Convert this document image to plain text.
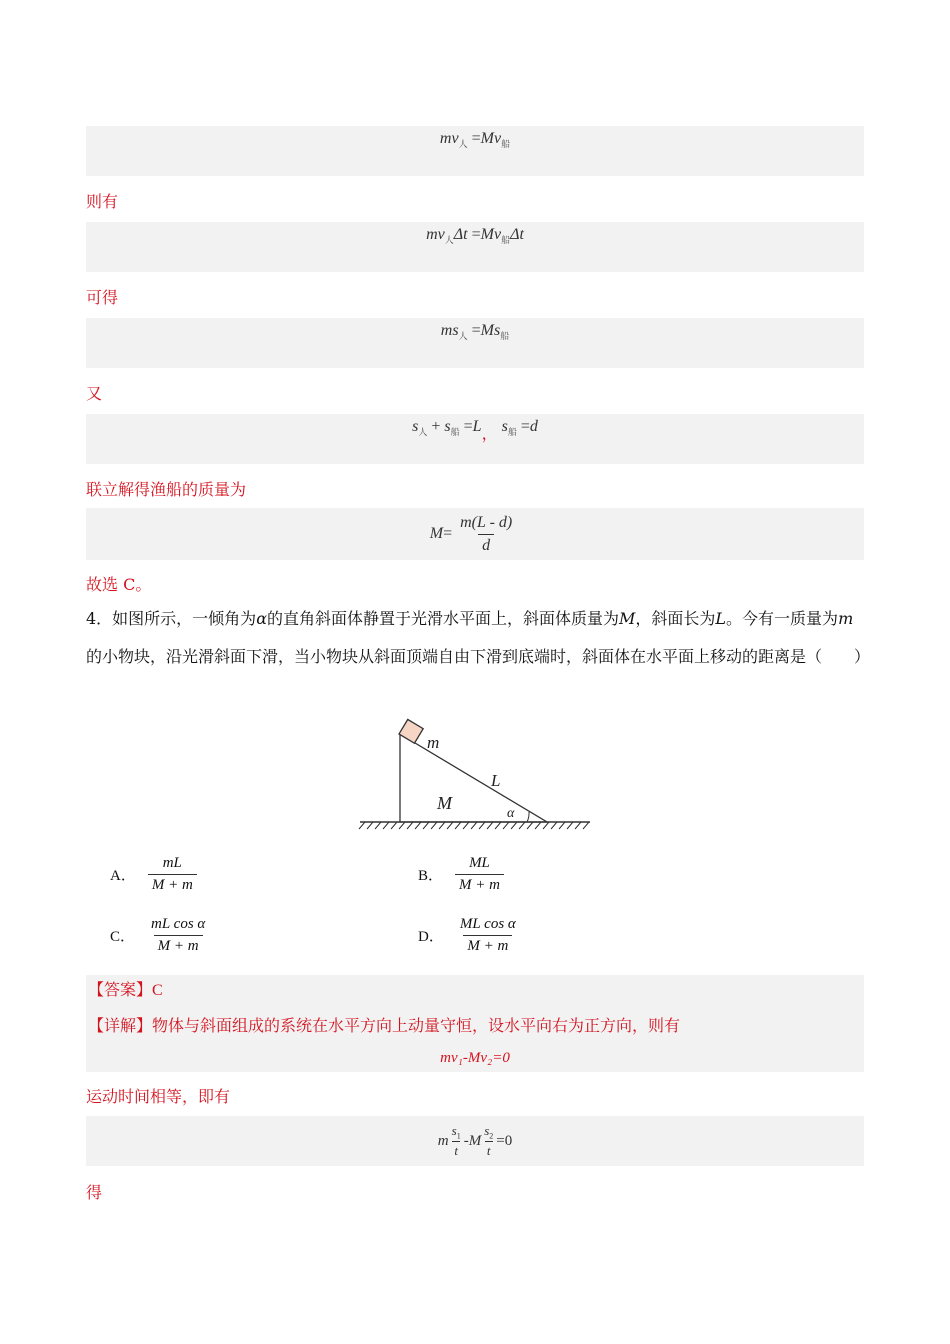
$mv_人 =Mv_船$
则有
$mv_人\Delta t =Mv_船\Delta t$
可得
$ms_人 =Ms_船$
又
$s_人 + s_船 =L$， $s_船 =d$
联立解得渔船的质量为
$M = \frac{m(L - d)}{d}$
故选 C。
4．如图所示，一倾角为α的直角斜面体静置于光滑水平面上，斜面体质量为M，斜面长为L。今有一质量为m的小物块，沿光滑斜面下滑，当小物块从斜面顶端自由下滑到底端时，斜面体在水平面上移动的距离是（　　）
m
L
M
α
A． $\frac{mL}{M + m}$	B． $\frac{ML}{M + m}$
C． $\frac{\text{mL cos α}}{M + m}$	D． $\frac{\text{ML cos α}}{M + m}$
【答案】C
【详解】物体与斜面组成的系统在水平方向上动量守恒，设水平向右为正方向，则有
mv₁-Mv₂=0
运动时间相等，即有
m $\frac{s_1}{t} - M \frac{s_2}{t} =0$
得
